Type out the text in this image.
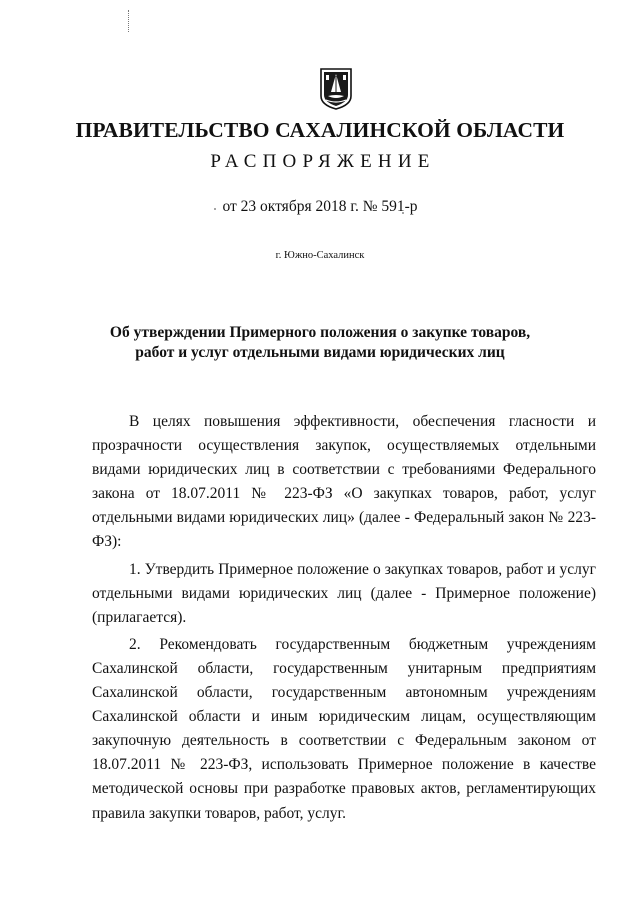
ПРАВИТЕЛЬСТВО САХАЛИНСКОЙ ОБЛАСТИ
РАСПОРЯЖЕНИЕ
от 23 октября 2018 г. № 591-р
г. Южно-Сахалинск
Об утверждении Примерного положения о закупке товаров,
работ и услуг отдельными видами юридических лиц

В целях повышения эффективности, обеспечения гласности и прозрачности осуществления закупок, осуществляемых отдельными видами юридических лиц в соответствии с требованиями Федерального закона от 18.07.2011 № 223-ФЗ «О закупках товаров, работ, услуг отдельными видами юридических лиц» (далее - Федеральный закон № 223-ФЗ):

1. Утвердить Примерное положение о закупках товаров, работ и услуг отдельными видами юридических лиц (далее - Примерное положение) (прилагается).

2. Рекомендовать государственным бюджетным учреждениям Сахалинской области, государственным унитарным предприятиям Сахалинской области, государственным автономным учреждениям Сахалинской области и иным юридическим лицам, осуществляющим закупочную деятельность в соответствии с Федеральным законом от 18.07.2011 № 223-ФЗ, использовать Примерное положение в качестве методической основы при разработке правовых актов, регламентирующих правила закупки товаров, работ, услуг.
